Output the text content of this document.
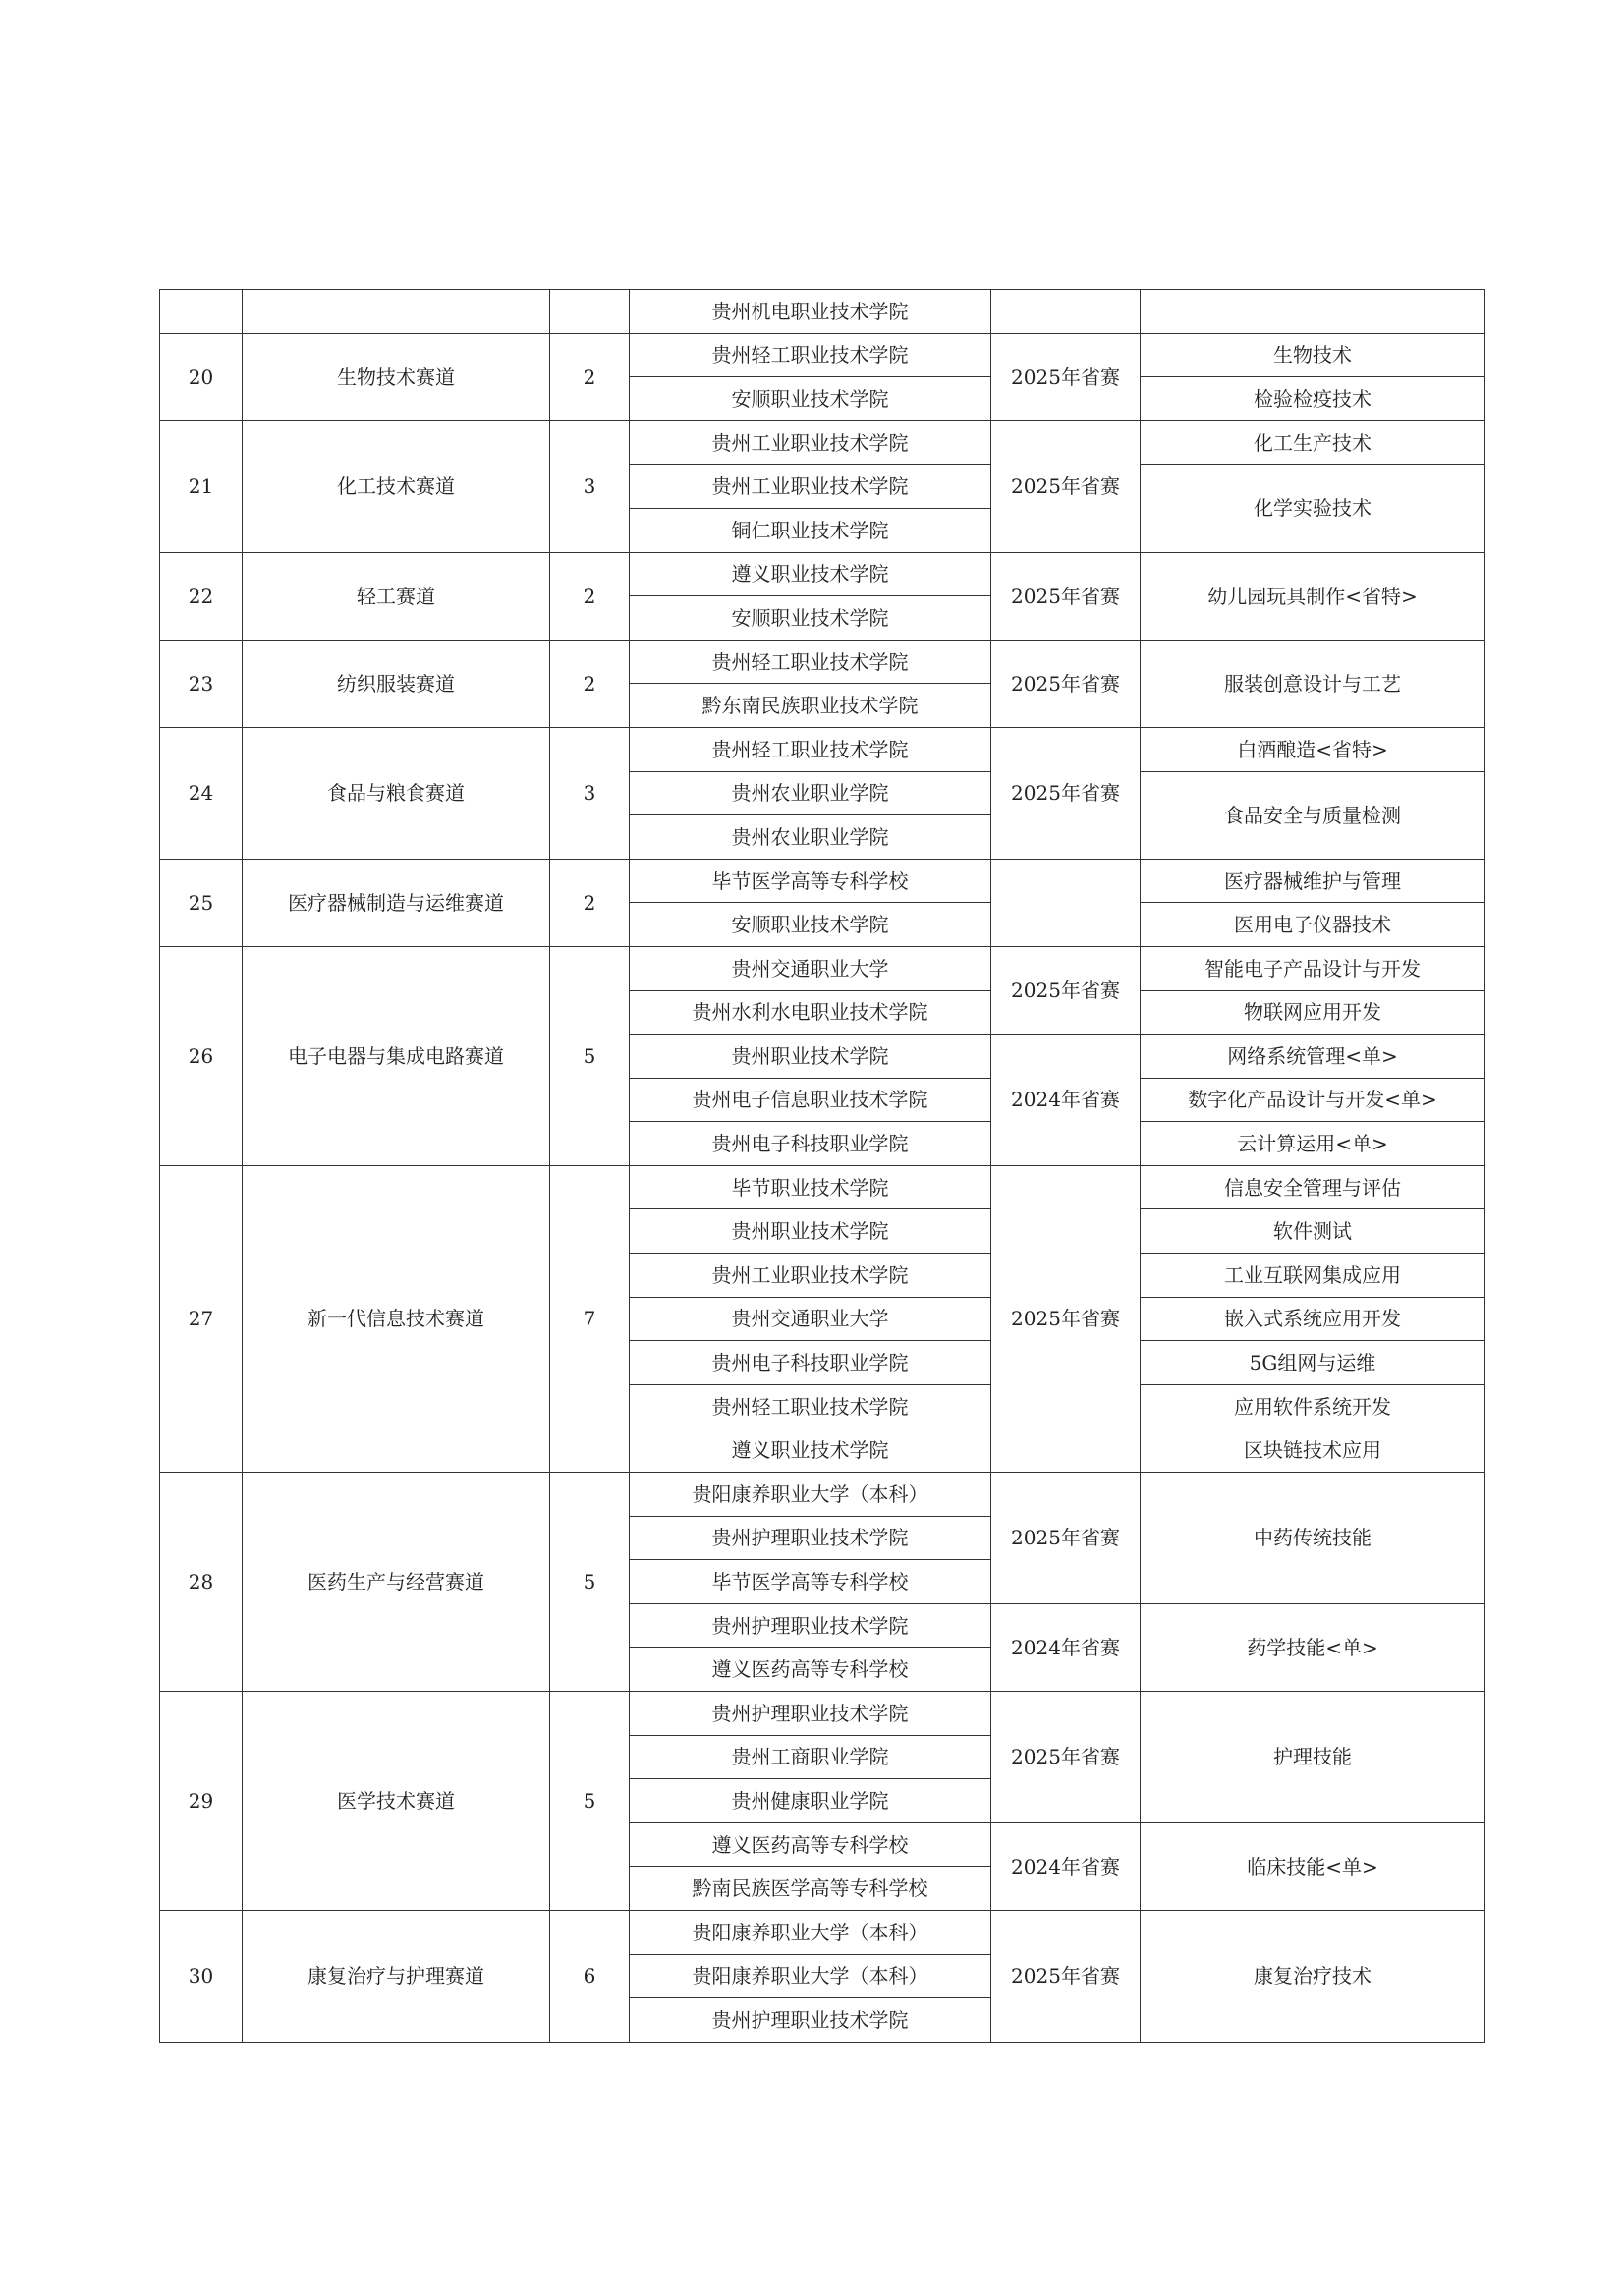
			贵州机电职业技术学院		
20	生物技术赛道	2	贵州轻工职业技术学院	2025年省赛	生物技术
			安顺职业技术学院		检验检疫技术
21	化工技术赛道	3	贵州工业职业技术学院	2025年省赛	化工生产技术
			贵州工业职业技术学院		化学实验技术
			铜仁职业技术学院		
22	轻工赛道	2	遵义职业技术学院	2025年省赛	幼儿园玩具制作<省特>
			安顺职业技术学院		
23	纺织服装赛道	2	贵州轻工职业技术学院	2025年省赛	服装创意设计与工艺
			黔东南民族职业技术学院		
24	食品与粮食赛道	3	贵州轻工职业技术学院	2025年省赛	白酒酿造<省特>
			贵州农业职业学院		食品安全与质量检测
			贵州农业职业学院		
25	医疗器械制造与运维赛道	2	毕节医学高等专科学校		医疗器械维护与管理
			安顺职业技术学院		医用电子仪器技术
26	电子电器与集成电路赛道	5	贵州交通职业大学	2025年省赛	智能电子产品设计与开发
			贵州水利水电职业技术学院		物联网应用开发
			贵州职业技术学院	2024年省赛	网络系统管理<单>
			贵州电子信息职业技术学院		数字化产品设计与开发<单>
			贵州电子科技职业学院		云计算运用<单>
27	新一代信息技术赛道	7	毕节职业技术学院	2025年省赛	信息安全管理与评估
			贵州职业技术学院		软件测试
			贵州工业职业技术学院		工业互联网集成应用
			贵州交通职业大学		嵌入式系统应用开发
			贵州电子科技职业学院		5G组网与运维
			贵州轻工职业技术学院		应用软件系统开发
			遵义职业技术学院		区块链技术应用
28	医药生产与经营赛道	5	贵阳康养职业大学（本科）	2025年省赛	中药传统技能
			贵州护理职业技术学院		
			毕节医学高等专科学校		
			贵州护理职业技术学院	2024年省赛	药学技能<单>
			遵义医药高等专科学校		
29	医学技术赛道	5	贵州护理职业技术学院	2025年省赛	护理技能
			贵州工商职业学院		
			贵州健康职业学院		
			遵义医药高等专科学校	2024年省赛	临床技能<单>
			黔南民族医学高等专科学校		
30	康复治疗与护理赛道	6	贵阳康养职业大学（本科）	2025年省赛	康复治疗技术
			贵阳康养职业大学（本科）		
			贵州护理职业技术学院		
